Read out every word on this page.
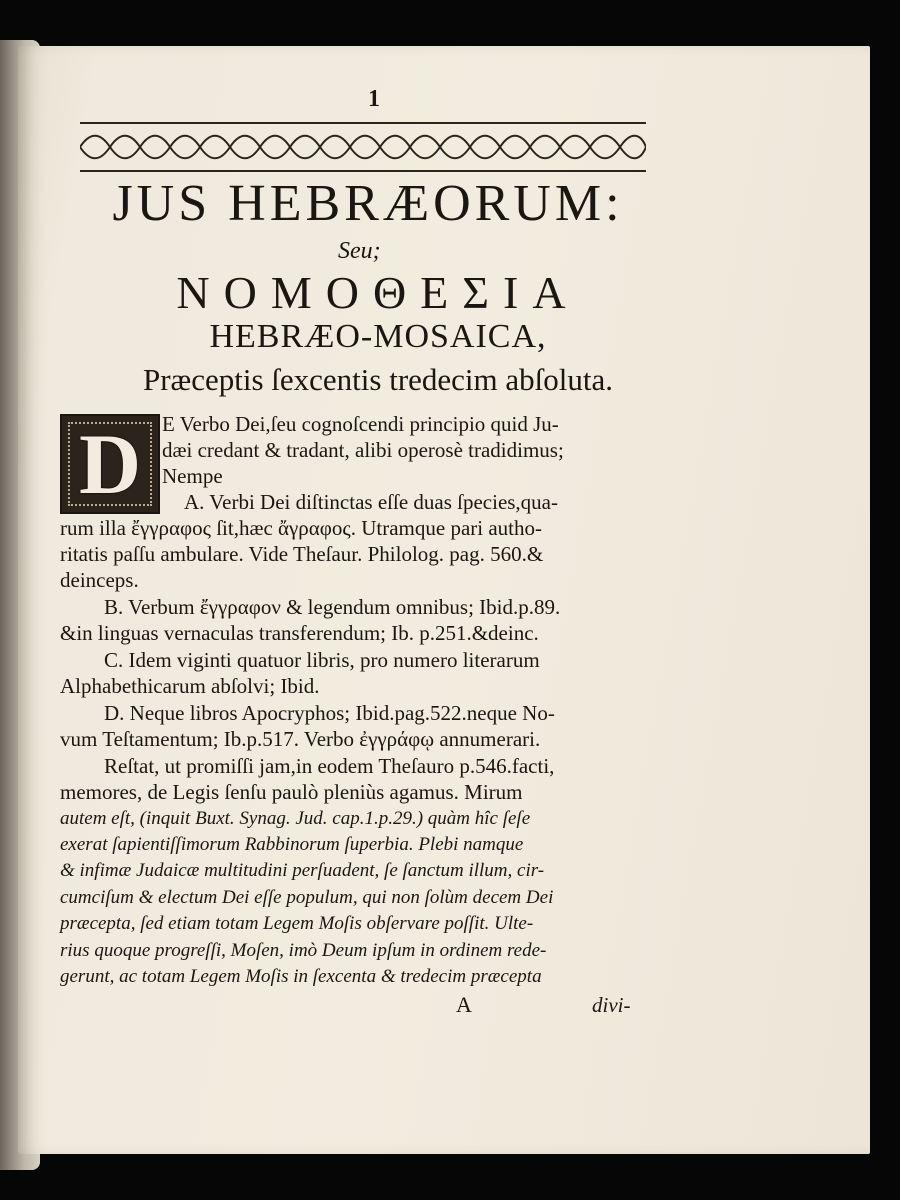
1
JUS HEBRÆORUM:
Seu;
ΝΟΜΟΘΕΣΙΑ
HEBRÆO-MOSAICA,
Præceptis ſexcentis tredecim abſoluta.
D E Verbo Dei,ſeu cognoſcendi principio quid Ju-
dæi credant & tradant, alibi operosè tradidimus;
Nempe
A. Verbi Dei diſtinctas eſſe duas ſpecies,qua-
rum illa ἔγγραφος ſit,hæc ἄγραφος. Utramque pari autho-
ritatis paſſu ambulare. Vide Theſaur. Philolog. pag. 560.&
deinceps.
B. Verbum ἔγγραφον & legendum omnibus; Ibid.p.89.
&in linguas vernaculas transferendum; Ib. p.251.&deinc.
C. Idem viginti quatuor libris, pro numero literarum
Alphabethicarum abſolvi; Ibid.
D. Neque libros Apocryphos; Ibid.pag.522.neque No-
vum Teſtamentum; Ib.p.517. Verbo ἐγγράφῳ annumerari.
Reſtat, ut promiſſi jam,in eodem Theſauro p.546.facti,
memores, de Legis ſenſu paulò pleniùs agamus. Mirum
autem eſt, (inquit Buxt. Synag. Jud. cap.1.p.29.) quàm hîc ſeſe
exerat ſapientiſſimorum Rabbinorum ſuperbia. Plebi namque
& infimæ Judaicæ multitudini perſuadent, ſe ſanctum illum, cir-
cumciſum & electum Dei eſſe populum, qui non ſolùm decem Dei
præcepta, ſed etiam totam Legem Moſis obſervare poſſit. Ulte-
rius quoque progreſſi, Moſen, imò Deum ipſum in ordinem rede-
gerunt, ac totam Legem Moſis in ſexcenta & tredecim præcepta
A	divi-
